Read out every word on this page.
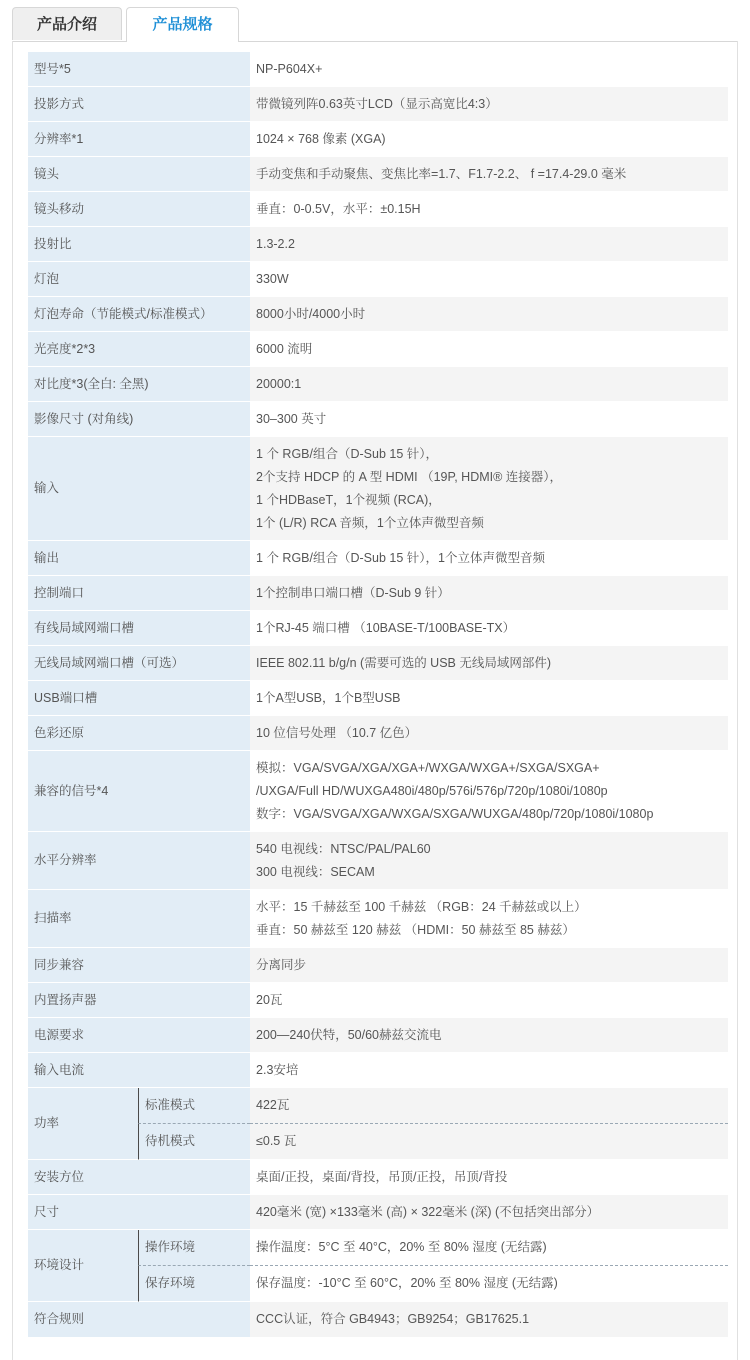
产品介绍	产品规格
型号*5		NP-P604X+

投影方式		带微镜列阵0.63英寸LCD（显示高宽比4:3）

分辨率*1		1024 × 768 像素 (XGA)

镜头		手动变焦和手动聚焦、变焦比率=1.7、F1.7-2.2、 f =17.4-29.0 毫米

镜头移动		垂直：0-0.5V，水平：±0.15H

投射比		1.3-2.2

灯泡		330W

灯泡寿命（节能模式/标准模式）		8000小时/4000小时

光亮度*2*3		6000 流明

对比度*3(全白: 全黑)		20000:1

影像尺寸 (对角线)		30–300 英寸

输入		1 个 RGB/组合（D-Sub 15 针），
2个支持 HDCP 的 A 型 HDMI （19P, HDMI® 连接器），
1 个HDBaseT，1个视频 (RCA)，
1个 (L/R) RCA 音频，1个立体声微型音频

输出		1 个 RGB/组合（D-Sub 15 针），1个立体声微型音频

控制端口		1个控制串口端口槽（D-Sub 9 针）

有线局域网端口槽		1个RJ-45 端口槽 （10BASE-T/100BASE-TX）

无线局域网端口槽（可选）		IEEE 802.11 b/g/n (需要可选的 USB 无线局域网部件)

USB端口槽		1个A型USB，1个B型USB

色彩还原		10 位信号处理 （10.7 亿色）

兼容的信号*4		模拟：VGA/SVGA/XGA/XGA+/WXGA/WXGA+/SXGA/SXGA+
/UXGA/Full HD/WUXGA480i/480p/576i/576p/720p/1080i/1080p
数字：VGA/SVGA/XGA/WXGA/SXGA/WUXGA/480p/720p/1080i/1080p

水平分辨率		540 电视线：NTSC/PAL/PAL60
300 电视线：SECAM

扫描率		水平：15 千赫兹至 100 千赫兹 （RGB：24 千赫兹或以上）
垂直：50 赫兹至 120 赫兹 （HDMI：50 赫兹至 85 赫兹）

同步兼容		分离同步

内置扬声器		20瓦

电源要求		200—240伏特，50/60赫兹交流电

输入电流		2.3安培

功率	标准模式	422瓦
	待机模式	≤0.5 瓦
安装方位		桌面/正投，桌面/背投，吊顶/正投，吊顶/背投

尺寸		420毫米 (宽) ×133毫米 (高) × 322毫米 (深) (不包括突出部分）

环境设计	操作环境	操作温度：5°C 至 40°C，20% 至 80% 湿度 (无结露)
	保存环境	保存温度：-10°C 至 60°C，20% 至 80% 湿度 (无结露)
符合规则		CCC认证，符合 GB4943；GB9254；GB17625.1
